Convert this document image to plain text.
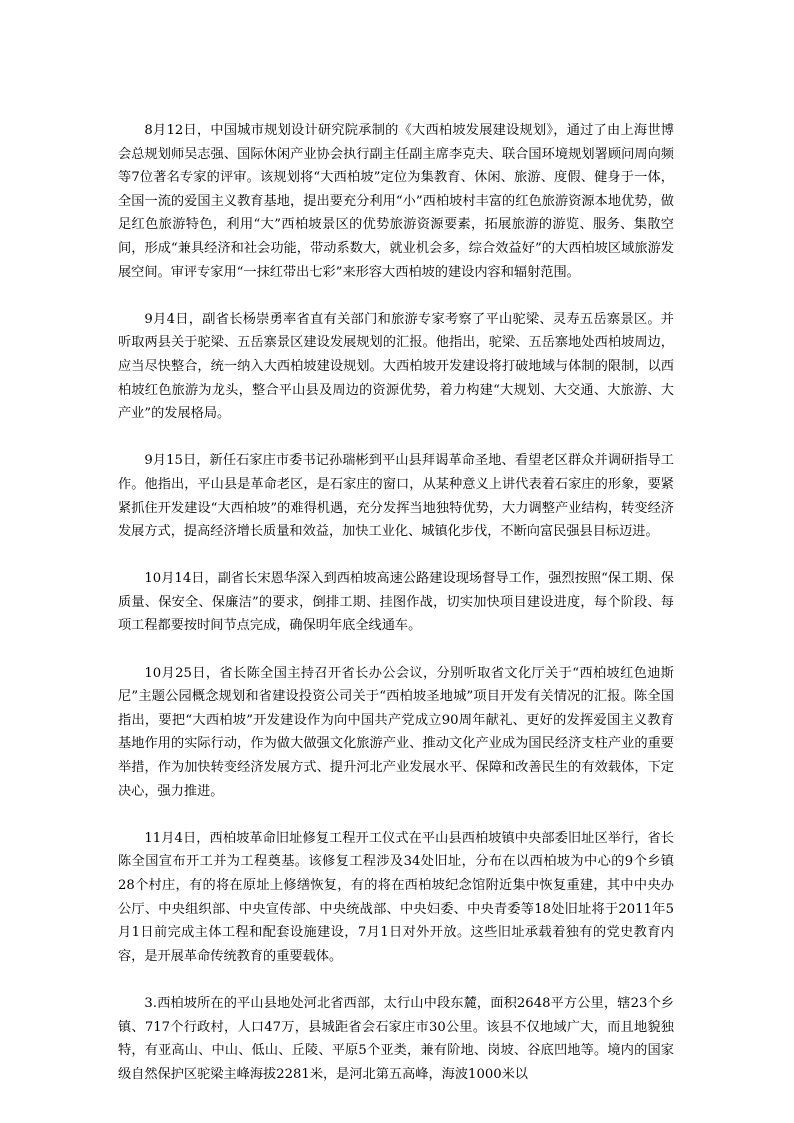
8月12日，中国城市规划设计研究院承制的《大西柏坡发展建设规划》，通过了由上海世博会总规划师吴志强、国际休闲产业协会执行副主任副主席李克夫、联合国环境规划署顾问周向频等7位著名专家的评审。该规划将“大西柏坡”定位为集教育、休闲、旅游、度假、健身于一体，全国一流的爱国主义教育基地，提出要充分利用“小”西柏坡村丰富的红色旅游资源本地优势，做足红色旅游特色，利用“大”西柏坡景区的优势旅游资源要素，拓展旅游的游览、服务、集散空间，形成“兼具经济和社会功能，带动系数大，就业机会多，综合效益好”的大西柏坡区域旅游发展空间。审评专家用“一抹红带出七彩”来形容大西柏坡的建设内容和辐射范围。

9月4日，副省长杨崇勇率省直有关部门和旅游专家考察了平山驼梁、灵寿五岳寨景区。并听取两县关于驼梁、五岳寨景区建设发展规划的汇报。他指出，驼梁、五岳寨地处西柏坡周边，应当尽快整合，统一纳入大西柏坡建设规划。大西柏坡开发建设将打破地域与体制的限制，以西柏坡红色旅游为龙头，整合平山县及周边的资源优势，着力构建“大规划、大交通、大旅游、大产业”的发展格局。

9月15日，新任石家庄市委书记孙瑞彬到平山县拜谒革命圣地、看望老区群众并调研指导工作。他指出，平山县是革命老区，是石家庄的窗口，从某种意义上讲代表着石家庄的形象，要紧紧抓住开发建设“大西柏坡”的难得机遇，充分发挥当地独特优势，大力调整产业结构，转变经济发展方式，提高经济增长质量和效益，加快工业化、城镇化步伐，不断向富民强县目标迈进。

10月14日，副省长宋恩华深入到西柏坡高速公路建设现场督导工作，强烈按照“保工期、保质量、保安全、保廉洁”的要求，倒排工期、挂图作战，切实加快项目建设进度，每个阶段、每项工程都要按时间节点完成，确保明年底全线通车。

10月25日，省长陈全国主持召开省长办公会议，分别听取省文化厅关于“西柏坡红色迪斯尼”主题公园概念规划和省建设投资公司关于“西柏坡圣地城”项目开发有关情况的汇报。陈全国指出，要把“大西柏坡”开发建设作为向中国共产党成立90周年献礼、更好的发挥爱国主义教育基地作用的实际行动，作为做大做强文化旅游产业、推动文化产业成为国民经济支柱产业的重要举措，作为加快转变经济发展方式、提升河北产业发展水平、保障和改善民生的有效载体，下定决心，强力推进。

11月4日，西柏坡革命旧址修复工程开工仪式在平山县西柏坡镇中央部委旧址区举行，省长陈全国宣布开工并为工程奠基。该修复工程涉及34处旧址，分布在以西柏坡为中心的9个乡镇28个村庄，有的将在原址上修缮恢复，有的将在西柏坡纪念馆附近集中恢复重建，其中中央办公厅、中央组织部、中央宣传部、中央统战部、中央妇委、中央青委等18处旧址将于2011年5月1日前完成主体工程和配套设施建设，7月1日对外开放。这些旧址承载着独有的党史教育内容，是开展革命传统教育的重要载体。

3.西柏坡所在的平山县地处河北省西部，太行山中段东麓，面积2648平方公里，辖23个乡镇、717个行政村，人口47万，县城距省会石家庄市30公里。该县不仅地域广大，而且地貌独特，有亚高山、中山、低山、丘陵、平原5个亚类，兼有阶地、岗坡、谷底凹地等。境内的国家级自然保护区驼梁主峰海拔2281米，是河北第五高峰，海波1000米以
